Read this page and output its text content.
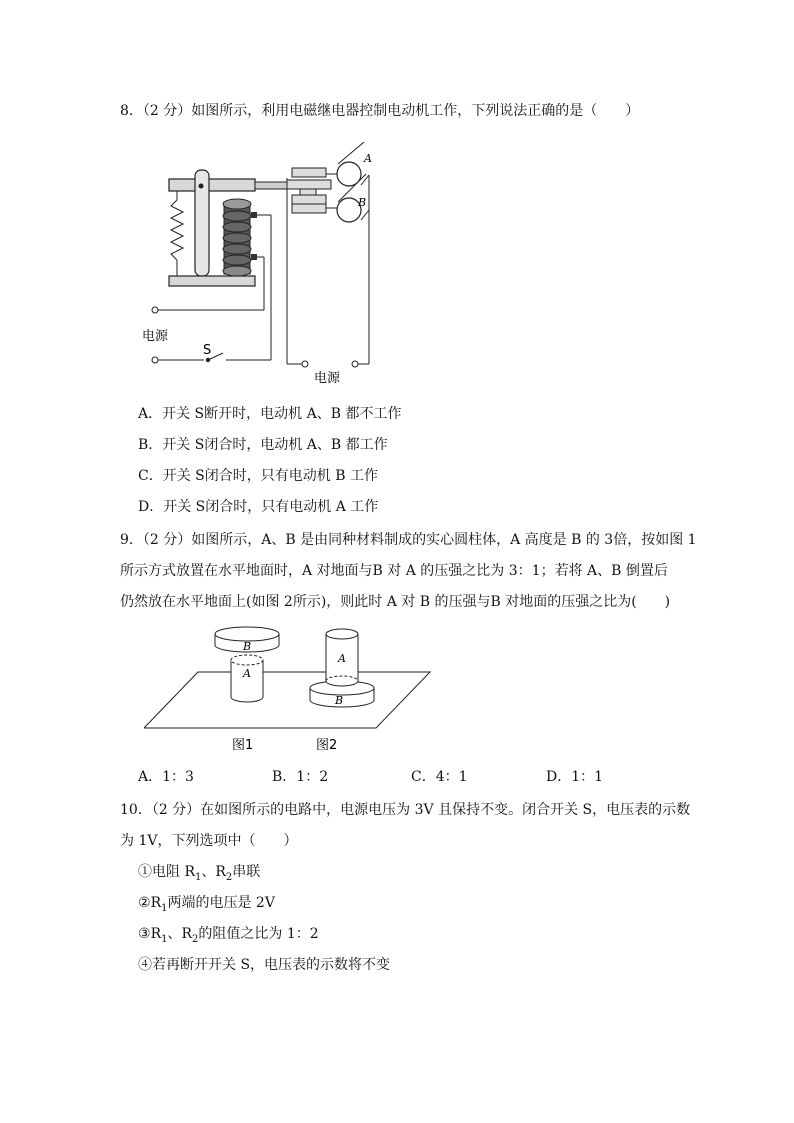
8．（2 分）如图所示，利用电磁继电器控制电动机工作，下列说法正确的是（　　）
A
B
S
电源
电源
A．开关 S断开时，电动机 A、B 都不工作
B．开关 S闭合时，电动机 A、B 都工作
C．开关 S闭合时，只有电动机 B 工作
D．开关 S闭合时，只有电动机 A 工作
9．（2 分）如图所示，A、B 是由同种材料制成的实心圆柱体，A 高度是 B 的 3倍，按如图 1
所示方式放置在水平地面时，A 对地面与B 对 A 的压强之比为 3：1；若将 A、B 倒置后
仍然放在水平地面上(如图 2所示)，则此时 A 对 B 的压强与B 对地面的压强之比为(　　)
B
A
A
B
图1	图2
A．1：3	B．1：2	C．4：1	D．1：1
10．（2 分）在如图所示的电路中，电源电压为 3V 且保持不变。闭合开关 S，电压表的示数
为 1V，下列选项中（　　）
①电阻 $R_1$、$R_2$串联
$②R_1$两端的电压是 2V
$③R_1$、$R_2$的阻值之比为 1：2
④若再断开开关 S，电压表的示数将不变
